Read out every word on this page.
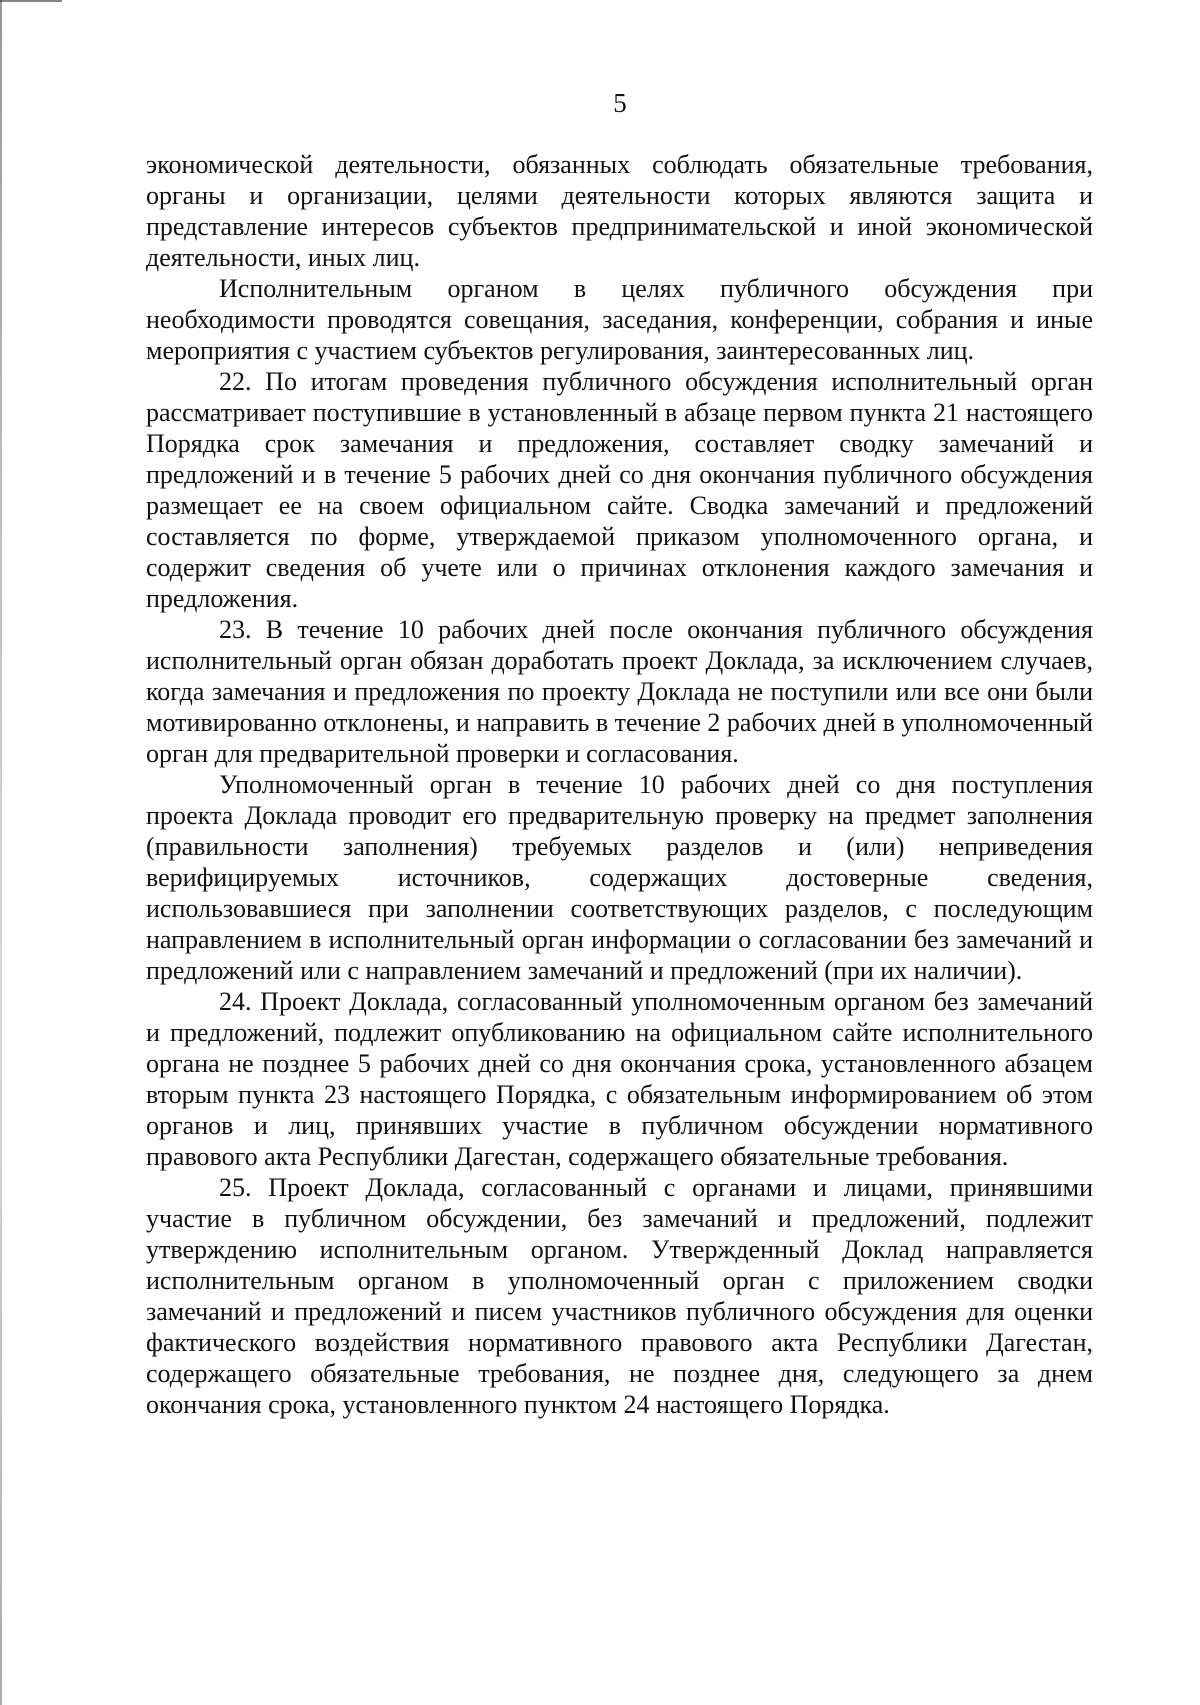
5

экономической деятельности, обязанных соблюдать обязательные требования, органы и организации, целями деятельности которых являются защита и представление интересов субъектов предпринимательской и иной экономической деятельности, иных лиц.

Исполнительным органом в целях публичного обсуждения при необходимости проводятся совещания, заседания, конференции, собрания и иные мероприятия с участием субъектов регулирования, заинтересованных лиц.

22. По итогам проведения публичного обсуждения исполнительный орган рассматривает поступившие в установленный в абзаце первом пункта 21 настоящего Порядка срок замечания и предложения, составляет сводку замечаний и предложений и в течение 5 рабочих дней со дня окончания публичного обсуждения размещает ее на своем официальном сайте. Сводка замечаний и предложений составляется по форме, утверждаемой приказом уполномоченного органа, и содержит сведения об учете или о причинах отклонения каждого замечания и предложения.

23. В течение 10 рабочих дней после окончания публичного обсуждения исполнительный орган обязан доработать проект Доклада, за исключением случаев, когда замечания и предложения по проекту Доклада не поступили или все они были мотивированно отклонены, и направить в течение 2 рабочих дней в уполномоченный орган для предварительной проверки и согласования.

Уполномоченный орган в течение 10 рабочих дней со дня поступления проекта Доклада проводит его предварительную проверку на предмет заполнения (правильности заполнения) требуемых разделов и (или) неприведения верифицируемых источников, содержащих достоверные сведения, использовавшиеся при заполнении соответствующих разделов, с последующим направлением в исполнительный орган информации о согласовании без замечаний и предложений или с направлением замечаний и предложений (при их наличии).

24. Проект Доклада, согласованный уполномоченным органом без замечаний и предложений, подлежит опубликованию на официальном сайте исполнительного органа не позднее 5 рабочих дней со дня окончания срока, установленного абзацем вторым пункта 23 настоящего Порядка, с обязательным информированием об этом органов и лиц, принявших участие в публичном обсуждении нормативного правового акта Республики Дагестан, содержащего обязательные требования.

25. Проект Доклада, согласованный с органами и лицами, принявшими участие в публичном обсуждении, без замечаний и предложений, подлежит утверждению исполнительным органом. Утвержденный Доклад направляется исполнительным органом в уполномоченный орган с приложением сводки замечаний и предложений и писем участников публичного обсуждения для оценки фактического воздействия нормативного правового акта Республики Дагестан, содержащего обязательные требования, не позднее дня, следующего за днем окончания срока, установленного пунктом 24 настоящего Порядка.
